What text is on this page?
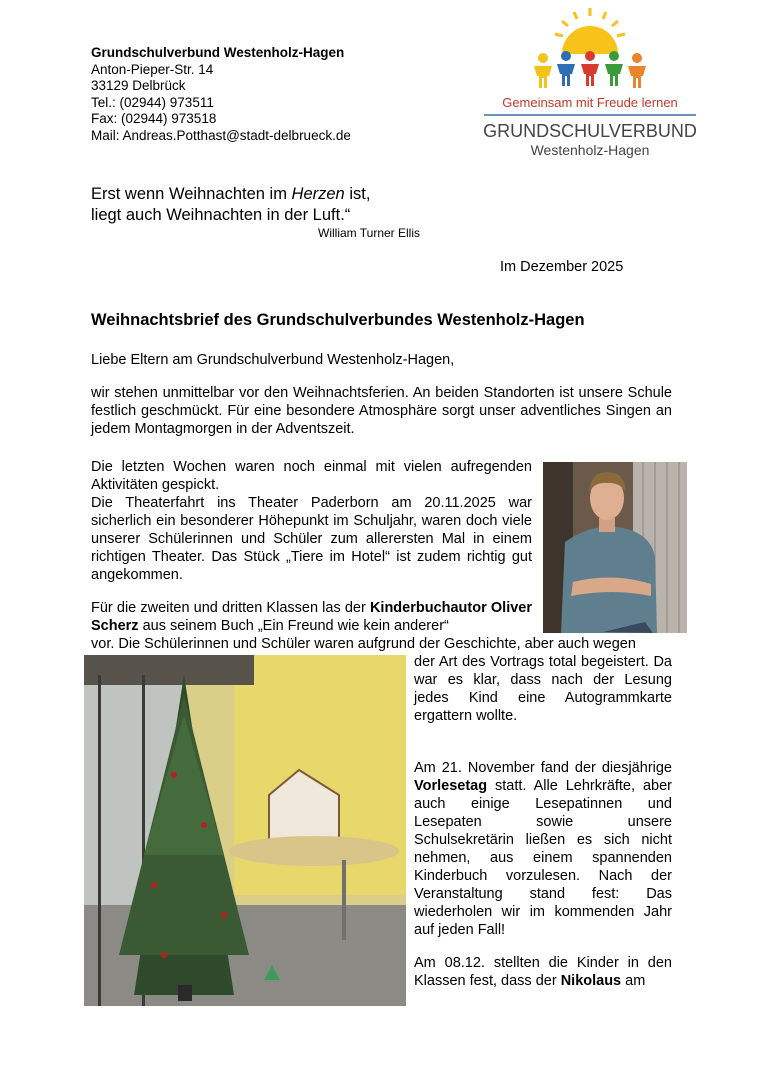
Grundschulverbund Westenholz-Hagen
Anton-Pieper-Str. 14
33129 Delbrück
Tel.: (02944) 973511
Fax: (02944) 973518
Mail: Andreas.Potthast@stadt-delbrueck.de
Gemeinsam mit Freude lernen
GRUNDSCHULVERBUND
Westenholz-Hagen
Erst wenn Weihnachten im Herzen ist,
liegt auch Weihnachten in der Luft.“
William Turner Ellis
Im Dezember 2025
Weihnachtsbrief des Grundschulverbundes Westenholz-Hagen
Liebe Eltern am Grundschulverbund Westenholz-Hagen,
wir stehen unmittelbar vor den Weihnachtsferien. An beiden Standorten ist unsere Schule festlich geschmückt. Für eine besondere Atmosphäre sorgt unser adventliches Singen an jedem Montagmorgen in der Adventszeit.
Die letzten Wochen waren noch einmal mit vielen aufregenden Aktivitäten gespickt.
Die Theaterfahrt ins Theater Paderborn am 20.11.2025 war sicherlich ein besonderer Höhepunkt im Schuljahr, waren doch viele unserer Schülerinnen und Schüler zum allerersten Mal in einem richtigen Theater. Das Stück „Tiere im Hotel“ ist zudem richtig gut angekommen.
Für die zweiten und dritten Klassen las der Kinderbuchautor Oliver Scherz aus seinem Buch „Ein Freund wie kein anderer“
vor. Die Schülerinnen und Schüler waren aufgrund der Geschichte, aber auch wegen
der Art des Vortrags total begeistert. Da war es klar, dass nach der Lesung jedes Kind eine Autogrammkarte ergattern wollte.
Am 21. November fand der diesjährige Vorlesetag statt. Alle Lehrkräfte, aber auch einige Lesepatinnen und Lesepaten sowie unsere Schulsekretärin ließen es sich nicht nehmen, aus einem spannenden Kinderbuch vorzulesen. Nach der Veranstaltung stand fest: Das wiederholen wir im kommenden Jahr auf jeden Fall!
Am 08.12. stellten die Kinder in den Klassen fest, dass der Nikolaus am
